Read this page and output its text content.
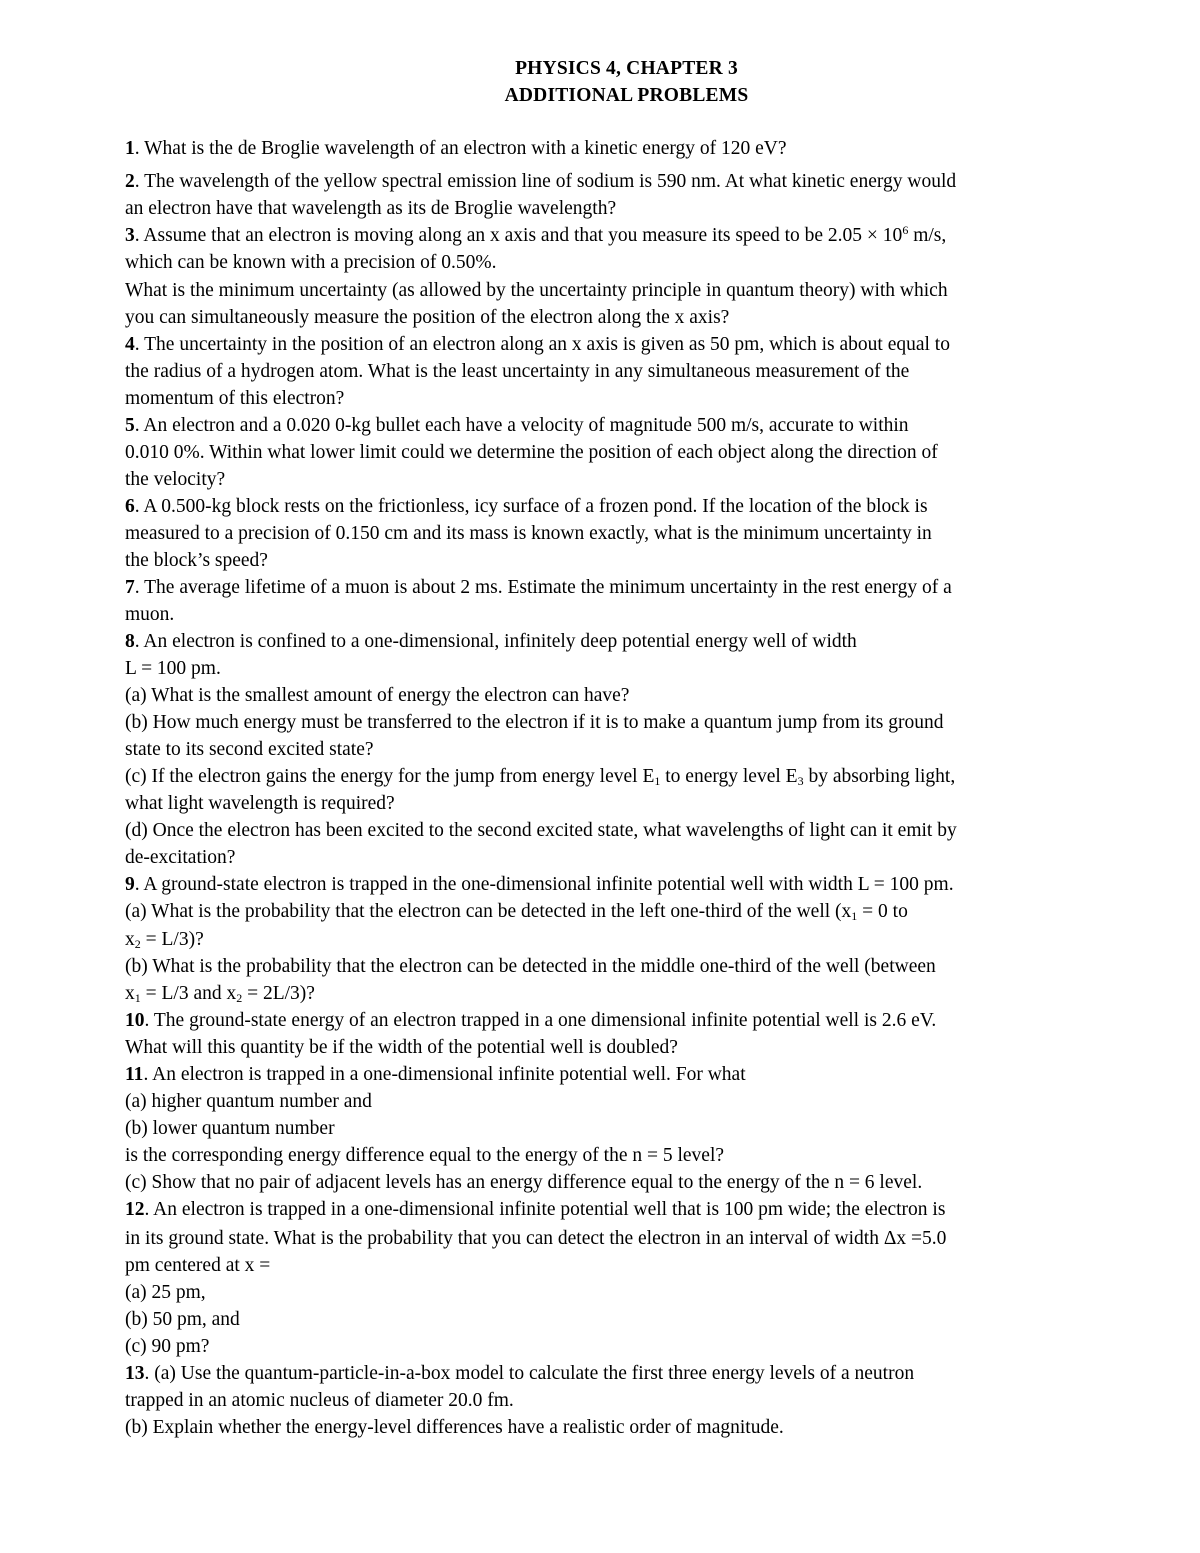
PHYSICS 4, CHAPTER 3
ADDITIONAL PROBLEMS
1. What is the de Broglie wavelength of an electron with a kinetic energy of 120 eV?
2. The wavelength of the yellow spectral emission line of sodium is 590 nm. At what kinetic energy would
an electron have that wavelength as its de Broglie wavelength?
3. Assume that an electron is moving along an x axis and that you measure its speed to be $2.05 \times 10^6$ m/s,
which can be known with a precision of 0.50%.
What is the minimum uncertainty (as allowed by the uncertainty principle in quantum theory) with which
you can simultaneously measure the position of the electron along the x axis?
4. The uncertainty in the position of an electron along an x axis is given as 50 pm, which is about equal to
the radius of a hydrogen atom. What is the least uncertainty in any simultaneous measurement of the
momentum of this electron?
5. An electron and a 0.020 0-kg bullet each have a velocity of magnitude 500 m/s, accurate to within
0.010 0%. Within what lower limit could we determine the position of each object along the direction of
the velocity?
6. A 0.500-kg block rests on the frictionless, icy surface of a frozen pond. If the location of the block is
measured to a precision of 0.150 cm and its mass is known exactly, what is the minimum uncertainty in
the block’s speed?
7. The average lifetime of a muon is about 2 ms. Estimate the minimum uncertainty in the rest energy of a
muon.
8. An electron is confined to a one-dimensional, infinitely deep potential energy well of width
L = 100 pm.
(a) What is the smallest amount of energy the electron can have?
(b) How much energy must be transferred to the electron if it is to make a quantum jump from its ground
state to its second excited state?
(c) If the electron gains the energy for the jump from energy level $E_1$ to energy level $E_3$ by absorbing light,
what light wavelength is required?
(d) Once the electron has been excited to the second excited state, what wavelengths of light can it emit by
de-excitation?
9. A ground-state electron is trapped in the one-dimensional infinite potential well with width L = 100 pm.
(a) What is the probability that the electron can be detected in the left one-third of the well ($x_1 = 0$ to
$x_2 = L/3$)?
(b) What is the probability that the electron can be detected in the middle one-third of the well (between
$x_1 = L/3$ and $x_2 = 2L/3$)?
10. The ground-state energy of an electron trapped in a one dimensional infinite potential well is 2.6 eV.
What will this quantity be if the width of the potential well is doubled?
11. An electron is trapped in a one-dimensional infinite potential well. For what
(a) higher quantum number and
(b) lower quantum number
is the corresponding energy difference equal to the energy of the n = 5 level?
(c) Show that no pair of adjacent levels has an energy difference equal to the energy of the n = 6 level.
12. An electron is trapped in a one-dimensional infinite potential well that is 100 pm wide; the electron is
in its ground state. What is the probability that you can detect the electron in an interval of width Δx =5.0
pm centered at x =
(a) 25 pm,
(b) 50 pm, and
(c) 90 pm?
13. (a) Use the quantum-particle-in-a-box model to calculate the first three energy levels of a neutron
trapped in an atomic nucleus of diameter 20.0 fm.
(b) Explain whether the energy-level differences have a realistic order of magnitude.
